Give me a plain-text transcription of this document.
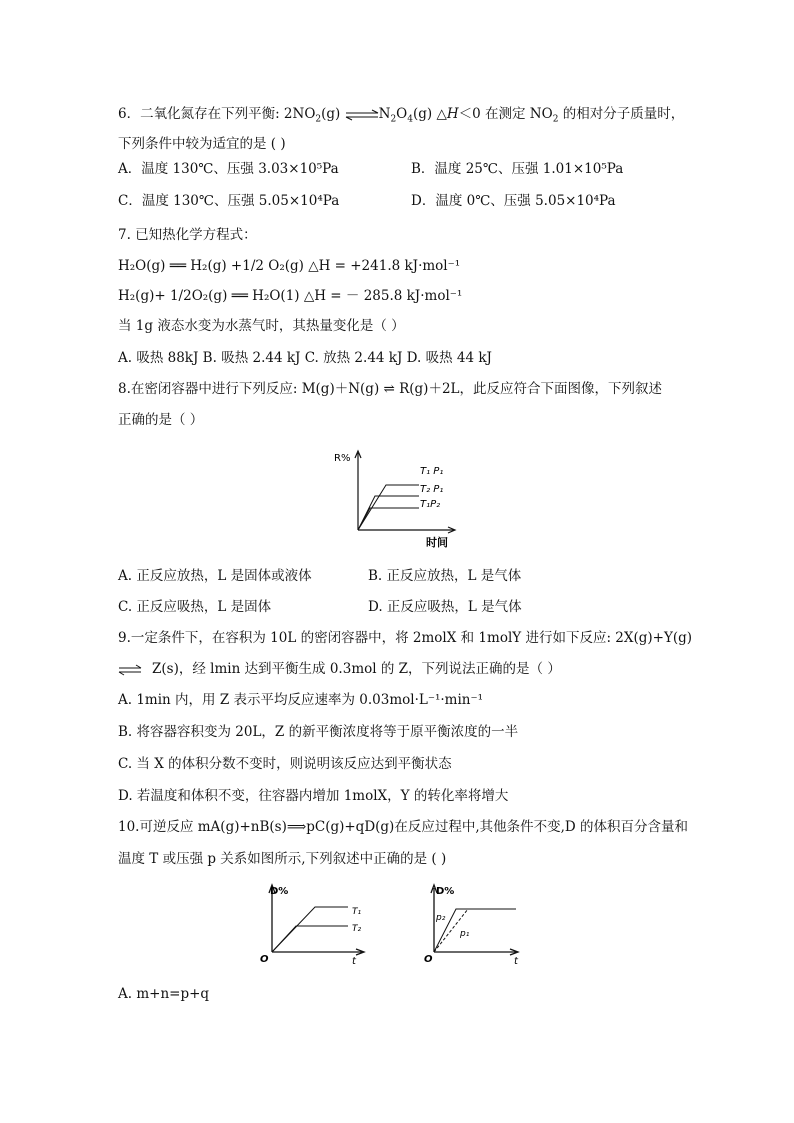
6．二氧化氮存在下列平衡: $2NO_2(g)$ $\rightleftharpoons N_2O_4(g)$ △H＜0 在测定 $NO_2$ 的相对分子质量时，
下列条件中较为适宜的是 ( )
A．温度 130℃、压强 3.03×10⁵Pa	B．温度 25℃、压强 1.01×10⁵Pa
C．温度 130℃、压强 5.05×10⁴Pa	D．温度 0℃、压强 5.05×10⁴Pa
7. 已知热化学方程式：
H₂O(g) ══ H₂(g) +1/2 O₂(g) △H = +241.8 kJ·mol⁻¹
H₂(g)+ 1/2O₂(g) ══ H₂O(1) △H = － 285.8 kJ·mol⁻¹
当 1g 液态水变为水蒸气时，其热量变化是（ ）
A. 吸热 88kJ B. 吸热 2.44 kJ C. 放热 2.44 kJ D. 吸热 44 kJ
8.在密闭容器中进行下列反应: M(g)＋N(g) ⇌ R(g)＋2L，此反应符合下面图像，下列叙述
正确的是（ ）
R%
时间
T₁ P₁
T₂ P₁
T₁P₂
A. 正反应放热，L 是固体或液体	B. 正反应放热，L 是气体
C. 正反应吸热，L 是固体	D. 正反应吸热，L 是气体
9.一定条件下，在容积为 10L 的密闭容器中，将 2molX 和 1molY 进行如下反应: 2X(g)+Y(g)
⇌Z(s)，经 lmin 达到平衡生成 0.3mol 的 Z，下列说法正确的是（ ）
A. 1min 内，用 Z 表示平均反应速率为 0.03mol·L⁻¹·min⁻¹
B. 将容器容积变为 20L，Z 的新平衡浓度将等于原平衡浓度的一半
C. 当 X 的体积分数不变时，则说明该反应达到平衡状态
D. 若温度和体积不变，往容器内增加 1molX，Y 的转化率将增大
10.可逆反应 mA(g)+nB(s)⟹pC(g)+qD(g)在反应过程中,其他条件不变,D 的体积百分含量和
温度 T 或压强 p 关系如图所示,下列叙述中正确的是 ( )
D%
O	t
T₁
T₂
D%
O	t
p₂
p₁
A. m+n=p+q
